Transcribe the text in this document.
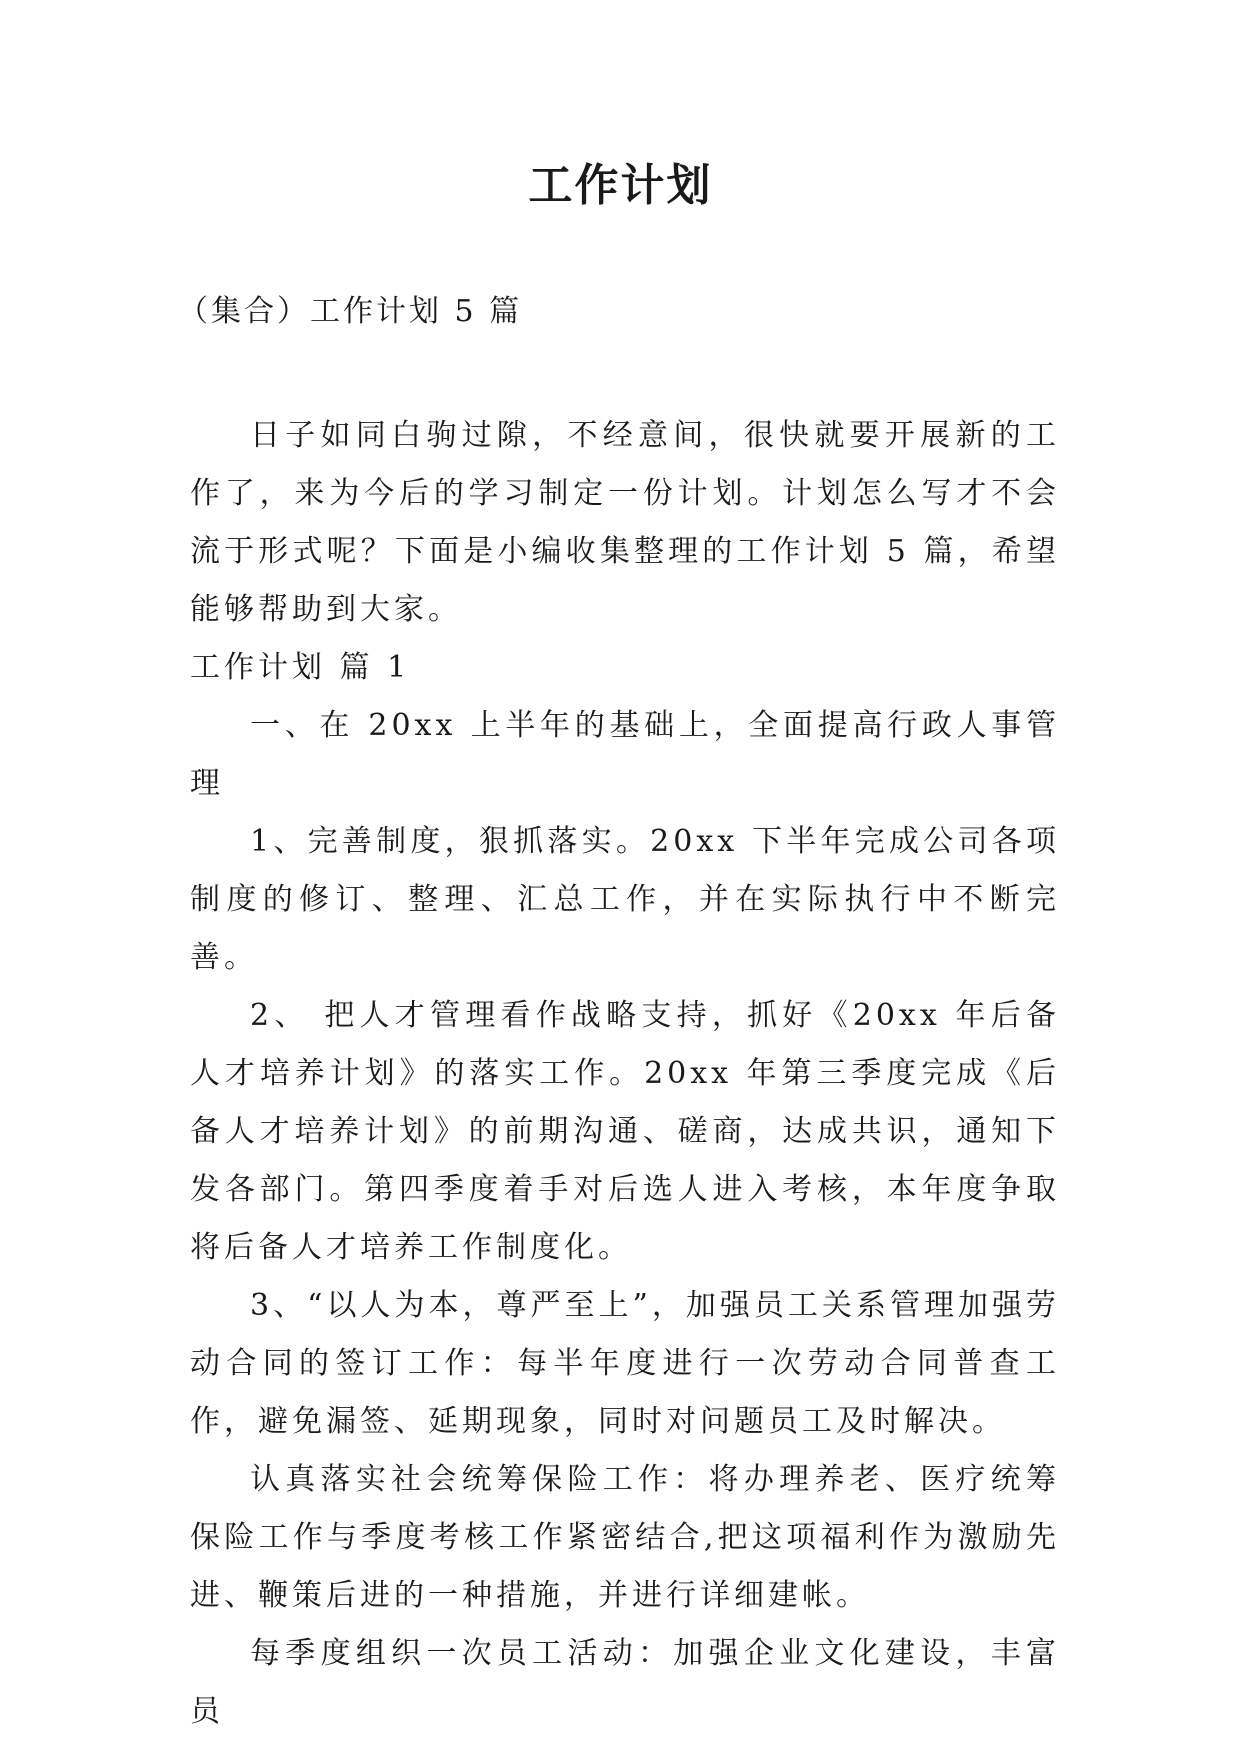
工作计划
（集合）工作计划 5 篇

日子如同白驹过隙，不经意间，很快就要开展新的工作了，来为今后的学习制定一份计划。计划怎么写才不会流于形式呢？下面是小编收集整理的工作计划 5 篇，希望能够帮助到大家。

工作计划 篇 1

一、在 20xx 上半年的基础上，全面提高行政人事管理

1、完善制度，狠抓落实。20xx 下半年完成公司各项制度的修订、整理、汇总工作，并在实际执行中不断完善。

2、 把人才管理看作战略支持，抓好《20xx 年后备人才培养计划》的落实工作。20xx 年第三季度完成《后备人才培养计划》的前期沟通、磋商，达成共识，通知下发各部门。第四季度着手对后选人进入考核，本年度争取将后备人才培养工作制度化。

3、“以人为本，尊严至上”，加强员工关系管理加强劳动合同的签订工作：每半年度进行一次劳动合同普查工作，避免漏签、延期现象，同时对问题员工及时解决。

认真落实社会统筹保险工作：将办理养老、医疗统筹保险工作与季度考核工作紧密结合,把这项福利作为激励先进、鞭策后进的一种措施，并进行详细建帐。

每季度组织一次员工活动：加强企业文化建设，丰富员
